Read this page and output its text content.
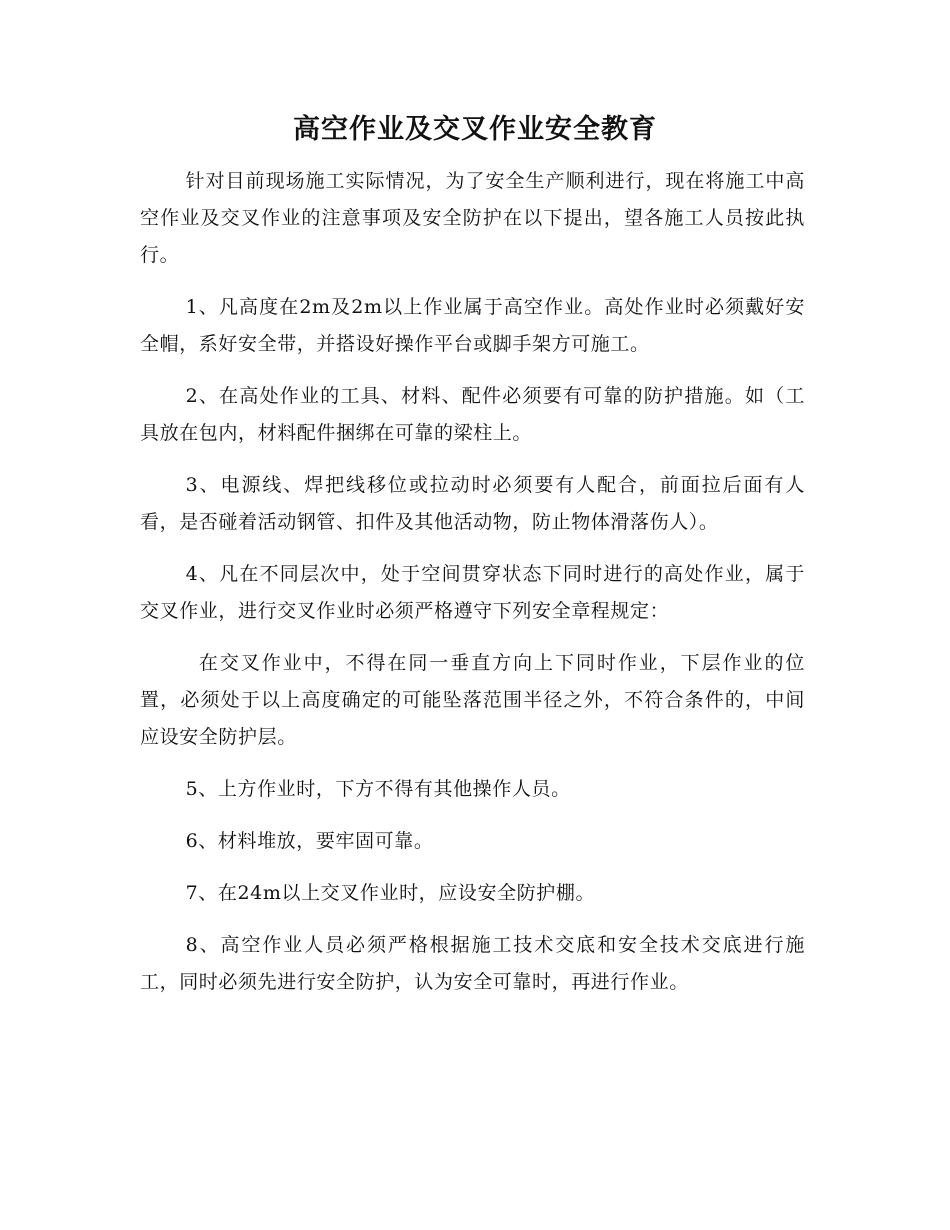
高空作业及交叉作业安全教育

针对目前现场施工实际情况，为了安全生产顺利进行，现在将施工中高空作业及交叉作业的注意事项及安全防护在以下提出，望各施工人员按此执行。

1、凡高度在2m及2m以上作业属于高空作业。高处作业时必须戴好安全帽，系好安全带，并搭设好操作平台或脚手架方可施工。

2、在高处作业的工具、材料、配件必须要有可靠的防护措施。如（工具放在包内，材料配件捆绑在可靠的梁柱上。

3、电源线、焊把线移位或拉动时必须要有人配合，前面拉后面有人看，是否碰着活动钢管、扣件及其他活动物，防止物体滑落伤人）。

4、凡在不同层次中，处于空间贯穿状态下同时进行的高处作业，属于交叉作业，进行交叉作业时必须严格遵守下列安全章程规定：

在交叉作业中，不得在同一垂直方向上下同时作业，下层作业的位置，必须处于以上高度确定的可能坠落范围半径之外，不符合条件的，中间应设安全防护层。

5、上方作业时，下方不得有其他操作人员。

6、材料堆放，要牢固可靠。

7、在24m以上交叉作业时，应设安全防护棚。

8、高空作业人员必须严格根据施工技术交底和安全技术交底进行施工，同时必须先进行安全防护，认为安全可靠时，再进行作业。
